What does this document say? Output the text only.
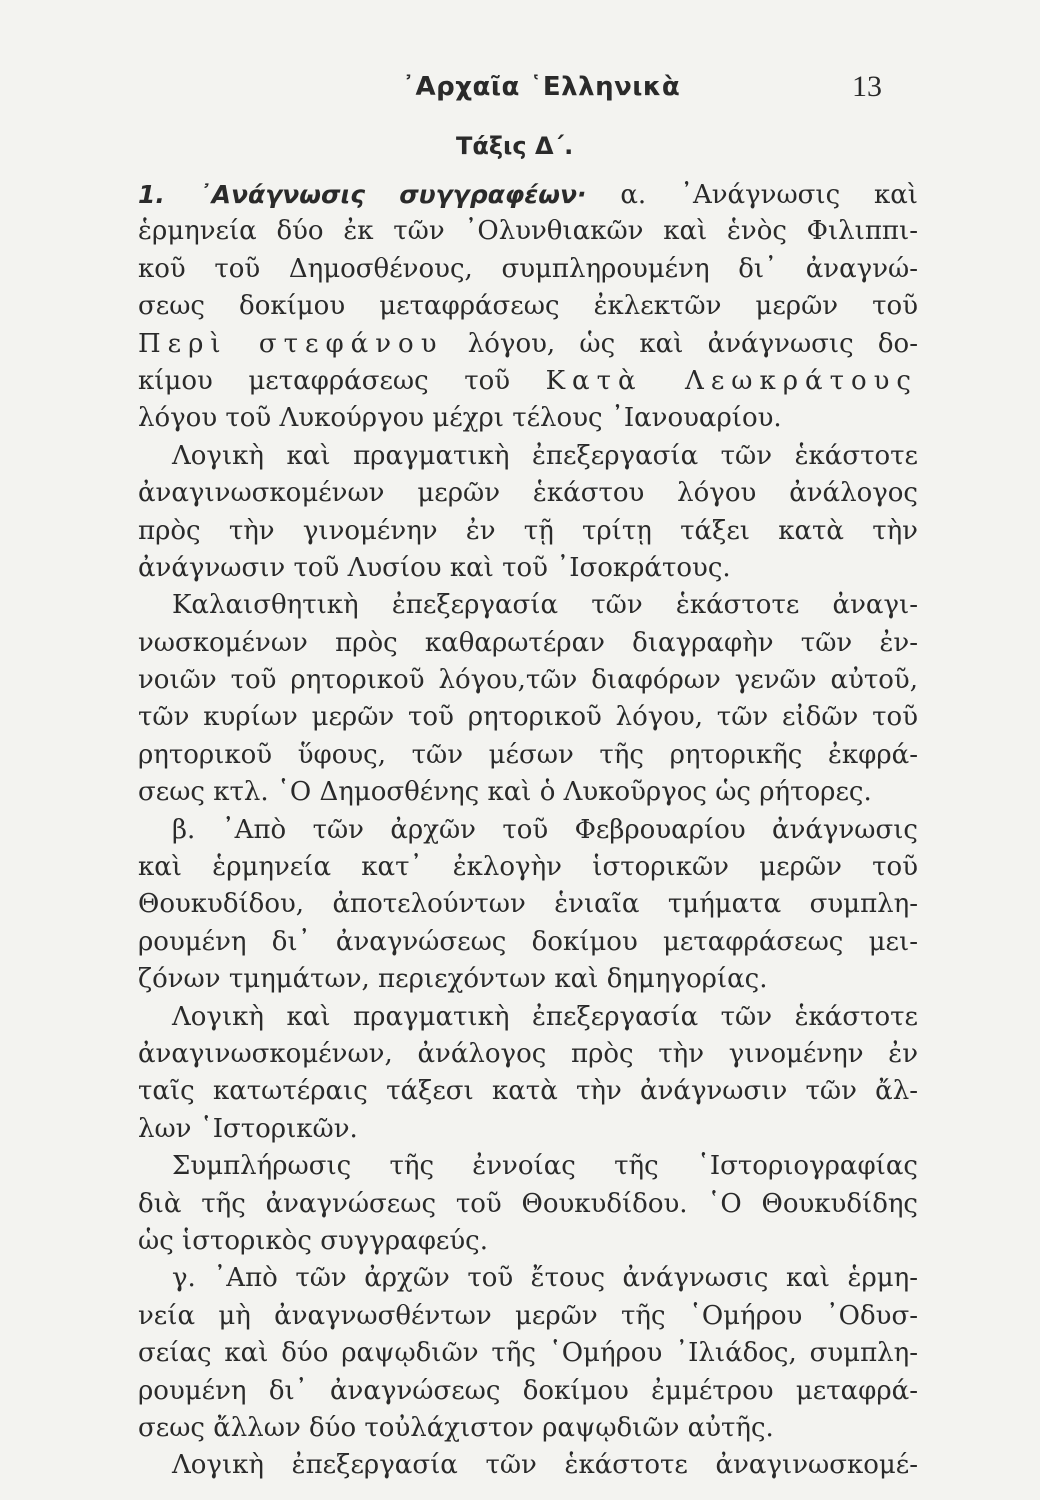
᾽Αρχαῖα ῾Ελληνικὰ	13
Τάξις Δ΄.
1. ᾽Ανάγνωσις συγγραφέων· α. ᾽Ανάγνωσις καὶ
ἑρμηνεία δύο ἐκ τῶν ᾽Ολυνθιακῶν καὶ ἑνὸς Φιλιππι-
κοῦ τοῦ Δημοσθένους, συμπληρουμένη δι᾽ ἀναγνώ-
σεως δοκίμου μεταφράσεως ἐκλεκτῶν μερῶν τοῦ
Περὶ στεφάνου λόγου, ὡς καὶ ἀνάγνωσις δο-
κίμου μεταφράσεως τοῦ Κατὰ Λεωκράτους
λόγου τοῦ Λυκούργου μέχρι τέλους ᾽Ιανουαρίου.
Λογικὴ καὶ πραγματικὴ ἐπεξεργασία τῶν ἑκάστοτε
ἀναγινωσκομένων μερῶν ἑκάστου λόγου ἀνάλογος
πρὸς τὴν γινομένην ἐν τῇ τρίτῃ τάξει κατὰ τὴν
ἀνάγνωσιν τοῦ Λυσίου καὶ τοῦ ᾽Ισοκράτους.
Καλαισθητικὴ ἐπεξεργασία τῶν ἑκάστοτε ἀναγι-
νωσκομένων πρὸς καθαρωτέραν διαγραφὴν τῶν ἐν-
νοιῶν τοῦ ρητορικοῦ λόγου,τῶν διαφόρων γενῶν αὐτοῦ,
τῶν κυρίων μερῶν τοῦ ρητορικοῦ λόγου, τῶν εἰδῶν τοῦ
ρητορικοῦ ὕφους, τῶν μέσων τῆς ρητορικῆς ἐκφρά-
σεως κτλ. ῾Ο Δημοσθένης καὶ ὁ Λυκοῦργος ὡς ρήτορες.
β. ᾽Απὸ τῶν ἀρχῶν τοῦ Φεβρουαρίου ἀνάγνωσις
καὶ ἑρμηνεία κατ᾽ ἐκλογὴν ἱστορικῶν μερῶν τοῦ
Θουκυδίδου, ἀποτελούντων ἑνιαῖα τμήματα συμπλη-
ρουμένη δι᾽ ἀναγνώσεως δοκίμου μεταφράσεως μει-
ζόνων τμημάτων, περιεχόντων καὶ δημηγορίας.
Λογικὴ καὶ πραγματικὴ ἐπεξεργασία τῶν ἑκάστοτε
ἀναγινωσκομένων, ἀνάλογος πρὸς τὴν γινομένην ἐν
ταῖς κατωτέραις τάξεσι κατὰ τὴν ἀνάγνωσιν τῶν ἄλ-
λων ῾Ιστορικῶν.
Συμπλήρωσις τῆς ἐννοίας τῆς ῾Ιστοριογραφίας
διὰ τῆς ἀναγνώσεως τοῦ Θουκυδίδου. ῾Ο Θουκυδίδης
ὡς ἱστορικὸς συγγραφεύς.
γ. ᾽Απὸ τῶν ἀρχῶν τοῦ ἔτους ἀνάγνωσις καὶ ἑρμη-
νεία μὴ ἀναγνωσθέντων μερῶν τῆς ῾Ομήρου ᾽Οδυσ-
σείας καὶ δύο ραψῳδιῶν τῆς ῾Ομήρου ᾽Ιλιάδος, συμπλη-
ρουμένη δι᾽ ἀναγνώσεως δοκίμου ἐμμέτρου μεταφρά-
σεως ἄλλων δύο τοὐλάχιστον ραψῳδιῶν αὐτῆς.
Λογικὴ ἐπεξεργασία τῶν ἑκάστοτε ἀναγινωσκομέ-
